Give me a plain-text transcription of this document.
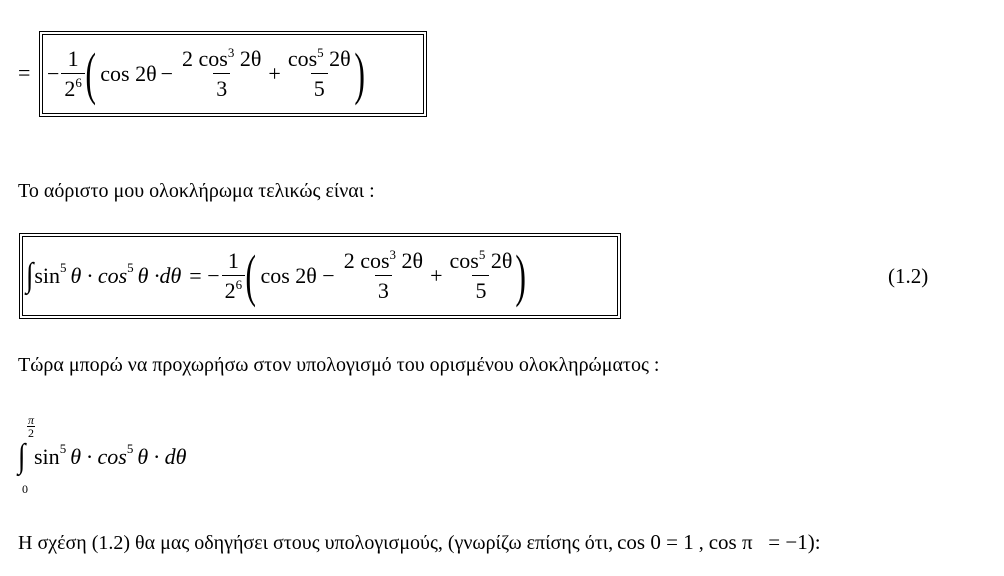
= − $\frac{1}{2^6}$ ( $\cos 2\theta - \frac{2 \cos^3 2\theta}{3} + \frac{\cos^5 2\theta}{5}$ )
Το αόριστο μου ολοκλήρωμα τελικώς είναι :
∫ sin 5 θ · cos 5 θ ·dθ = − $\frac{1}{2^6}$ ( $\cos 2\theta - \frac{2 \cos^3 2\theta}{3} + \frac{\cos^5 2\theta}{5}$ )	(1.2)
Τώρα μπορώ να προχωρήσω στον υπολογισμό του ορισμένου ολοκληρώματος :
π
2
∫
0
sin 5 θ · cos 5 θ · dθ
Η σχέση (1.2) θα μας οδηγήσει στους υπολογισμούς, (γνωρίζω επίσης ότι, cos 0 = 1 , cos π   = −1):
